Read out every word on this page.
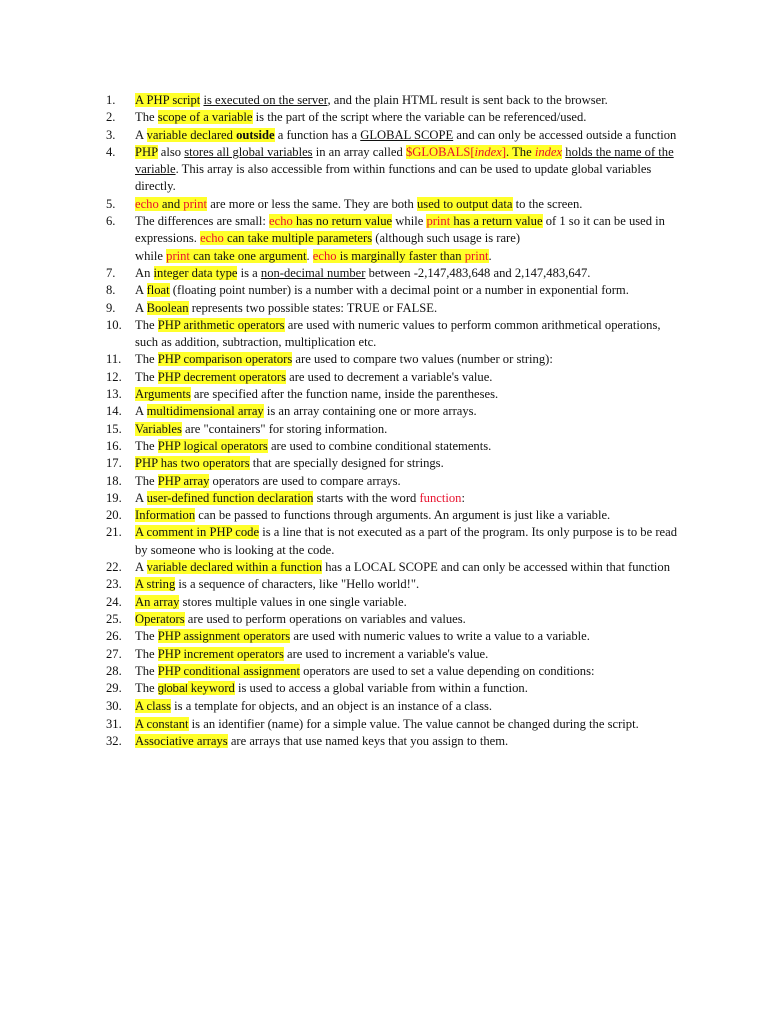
1.	A PHP script is executed on the server, and the plain HTML result is sent back to the browser.
2.	The scope of a variable is the part of the script where the variable can be referenced/used.
3.	A variable declared outside a function has a GLOBAL SCOPE and can only be accessed outside a function
4.	PHP also stores all global variables in an array called $GLOBALS[index]. The index holds the name of the variable. This array is also accessible from within functions and can be used to update global variables directly.
5.	echo and print are more or less the same. They are both used to output data to the screen.
6.	The differences are small: echo has no return value while print has a return value of 1 so it can be used in expressions. echo can take multiple parameters (although such usage is rare)
while print can take one argument. echo is marginally faster than print.
7.	An integer data type is a non-decimal number between -2,147,483,648 and 2,147,483,647.
8.	A float (floating point number) is a number with a decimal point or a number in exponential form.
9.	A Boolean represents two possible states: TRUE or FALSE.
10.	The PHP arithmetic operators are used with numeric values to perform common arithmetical operations, such as addition, subtraction, multiplication etc.
11.	The PHP comparison operators are used to compare two values (number or string):
12.	The PHP decrement operators are used to decrement a variable's value.
13.	Arguments are specified after the function name, inside the parentheses.
14.	A multidimensional array is an array containing one or more arrays.
15.	Variables are "containers" for storing information.
16.	The PHP logical operators are used to combine conditional statements.
17.	PHP has two operators that are specially designed for strings.
18.	The PHP array operators are used to compare arrays.
19.	A user-defined function declaration starts with the word function:
20.	Information can be passed to functions through arguments. An argument is just like a variable.
21.	A comment in PHP code is a line that is not executed as a part of the program. Its only purpose is to be read by someone who is looking at the code.
22.	A variable declared within a function has a LOCAL SCOPE and can only be accessed within that function
23.	A string is a sequence of characters, like "Hello world!".
24.	An array stores multiple values in one single variable.
25.	Operators are used to perform operations on variables and values.
26.	The PHP assignment operators are used with numeric values to write a value to a variable.
27.	The PHP increment operators are used to increment a variable's value.
28.	The PHP conditional assignment operators are used to set a value depending on conditions:
29.	The global keyword is used to access a global variable from within a function.
30.	A class is a template for objects, and an object is an instance of a class.
31.	A constant is an identifier (name) for a simple value. The value cannot be changed during the script.
32.	Associative arrays are arrays that use named keys that you assign to them.
